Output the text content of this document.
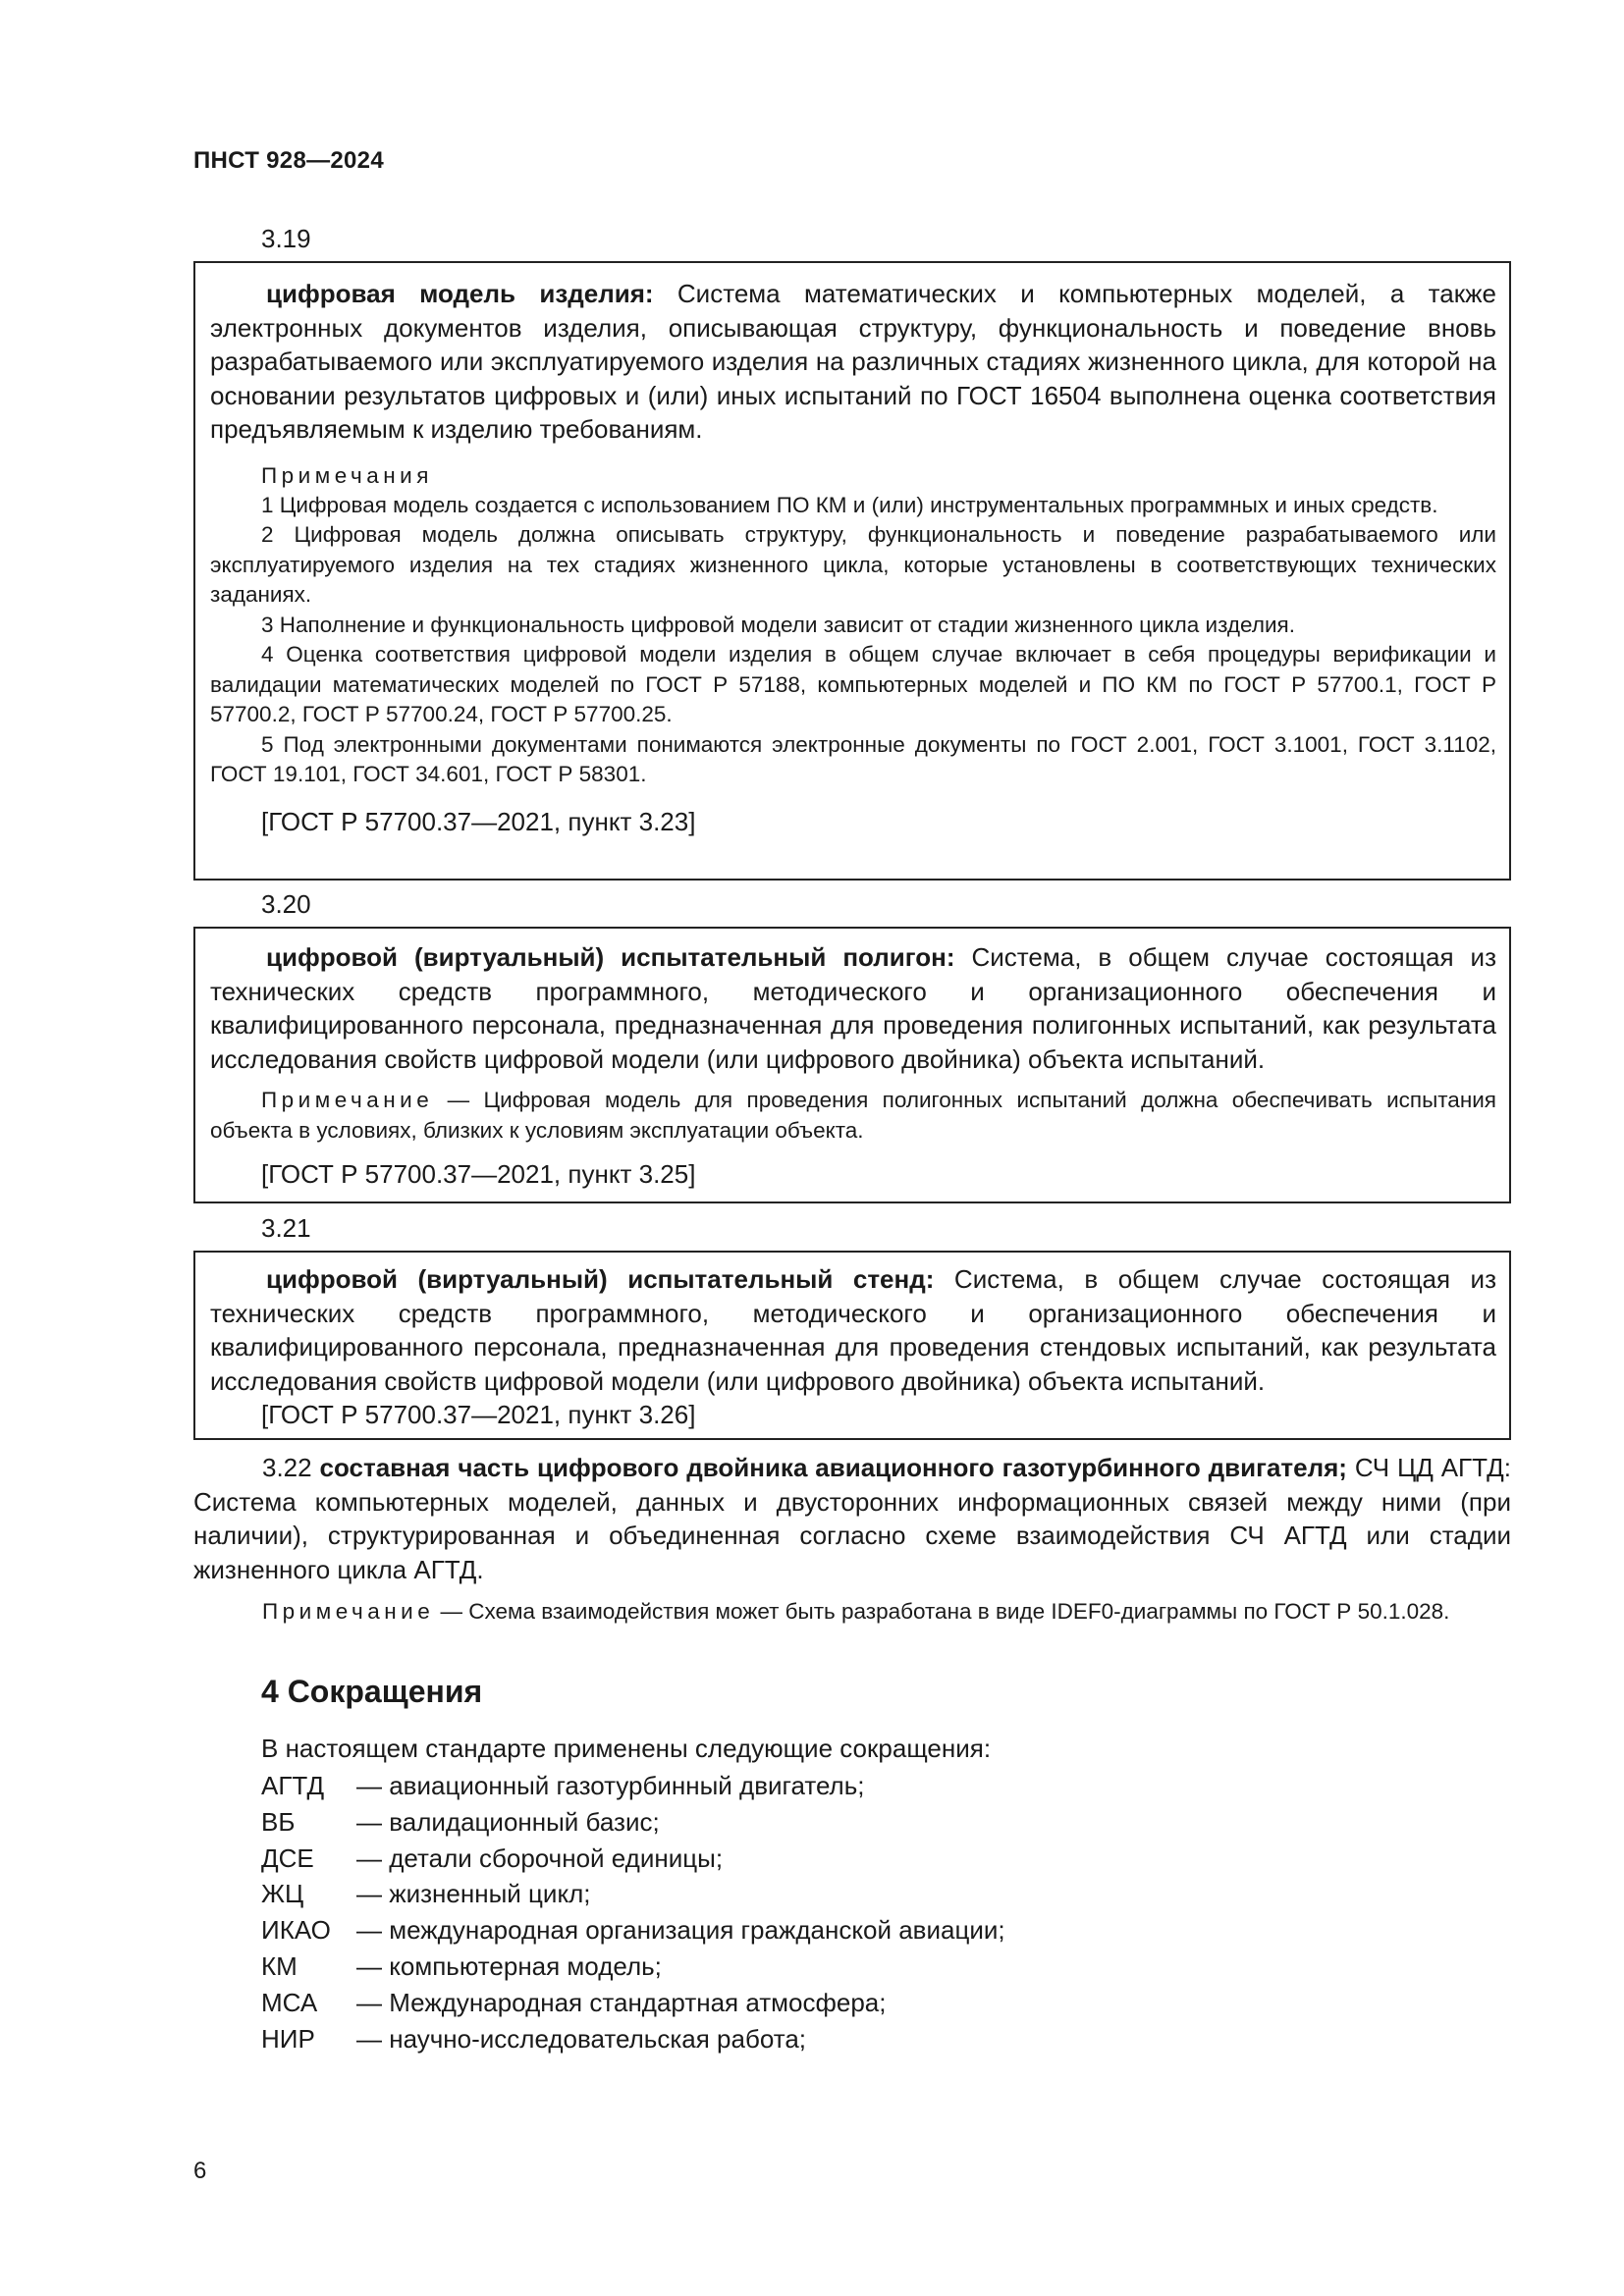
ПНСТ 928—2024
3.19

цифровая модель изделия: Система математических и компьютерных моделей, а также электронных документов изделия, описывающая структуру, функциональность и поведение вновь разрабатываемого или эксплуатируемого изделия на различных стадиях жизненного цикла, для которой на основании результатов цифровых и (или) иных испытаний по ГОСТ 16504 выполнена оценка соответствия предъявляемым к изделию требованиям.

Примечания

1 Цифровая модель создается с использованием ПО КМ и (или) инструментальных программных и иных средств.

2 Цифровая модель должна описывать структуру, функциональность и поведение разрабатываемого или эксплуатируемого изделия на тех стадиях жизненного цикла, которые установлены в соответствующих технических заданиях.

3 Наполнение и функциональность цифровой модели зависит от стадии жизненного цикла изделия.

4 Оценка соответствия цифровой модели изделия в общем случае включает в себя процедуры верификации и валидации математических моделей по ГОСТ Р 57188, компьютерных моделей и ПО КМ по ГОСТ Р 57700.1, ГОСТ Р 57700.2, ГОСТ Р 57700.24, ГОСТ Р 57700.25.

5 Под электронными документами понимаются электронные документы по ГОСТ 2.001, ГОСТ 3.1001, ГОСТ 3.1102, ГОСТ 19.101, ГОСТ 34.601, ГОСТ Р 58301.

[ГОСТ Р 57700.37—2021, пункт 3.23]

3.20

цифровой (виртуальный) испытательный полигон: Система, в общем случае состоящая из технических средств программного, методического и организационного обеспечения и квалифицированного персонала, предназначенная для проведения полигонных испытаний, как результата исследования свойств цифровой модели (или цифрового двойника) объекта испытаний.

Примечание — Цифровая модель для проведения полигонных испытаний должна обеспечивать испытания объекта в условиях, близких к условиям эксплуатации объекта.

[ГОСТ Р 57700.37—2021, пункт 3.25]

3.21

цифровой (виртуальный) испытательный стенд: Система, в общем случае состоящая из технических средств программного, методического и организационного обеспечения и квалифицированного персонала, предназначенная для проведения стендовых испытаний, как результата исследования свойств цифровой модели (или цифрового двойника) объекта испытаний.

[ГОСТ Р 57700.37—2021, пункт 3.26]

3.22 составная часть цифрового двойника авиационного газотурбинного двигателя; СЧ ЦД АГТД: Система компьютерных моделей, данных и двусторонних информационных связей между ними (при наличии), структурированная и объединенная согласно схеме взаимодействия СЧ АГТД или стадии жизненного цикла АГТД.

Примечание — Схема взаимодействия может быть разработана в виде IDEF0-диаграммы по ГОСТ Р 50.1.028.

4 Сокращения
В настоящем стандарте применены следующие сокращения:
АГТД — авиационный газотурбинный двигатель;
ВБ — валидационный базис;
ДСЕ — детали сборочной единицы;
ЖЦ — жизненный цикл;
ИКАО — международная организация гражданской авиации;
КМ — компьютерная модель;
МСА — Международная стандартная атмосфера;
НИР — научно-исследовательская работа;
6
